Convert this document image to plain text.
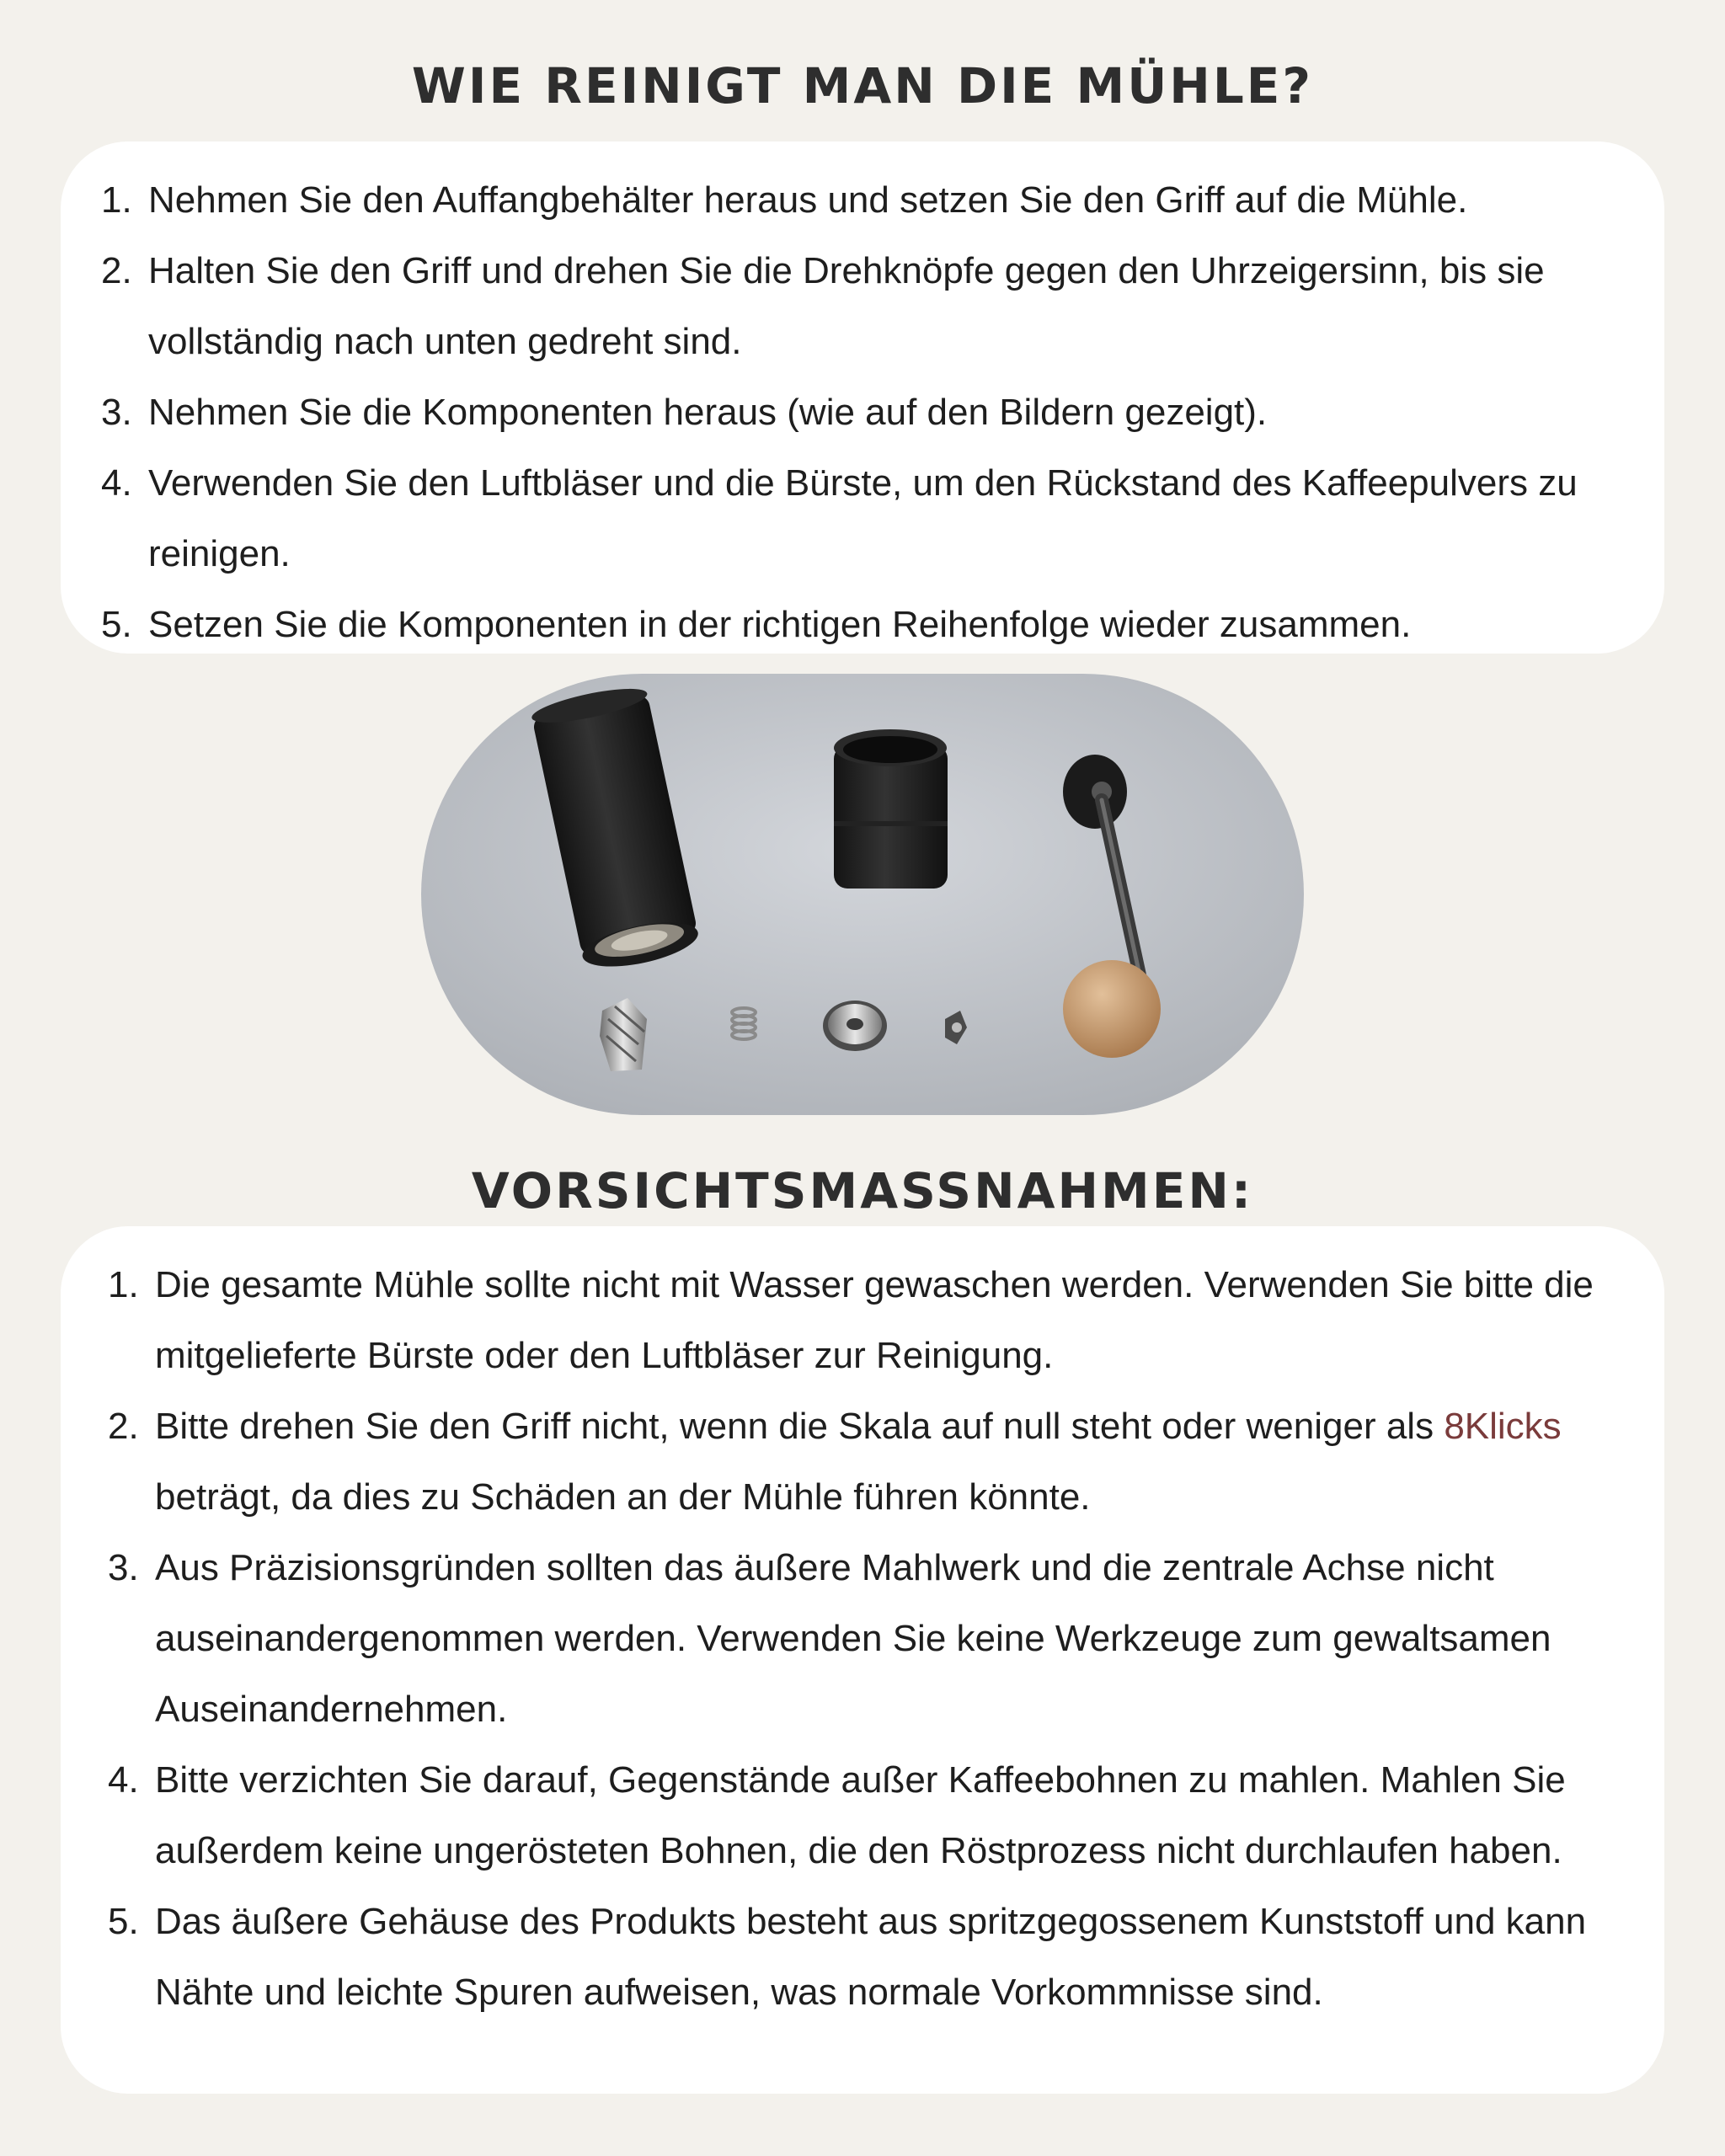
WIE REINIGT MAN DIE MÜHLE?
1. Nehmen Sie den Auffangbehälter heraus und setzen Sie den Griff auf die Mühle.
2. Halten Sie den Griff und drehen Sie die Drehknöpfe gegen den Uhrzeigersinn, bis sie vollständig nach unten gedreht sind.
3. Nehmen Sie die Komponenten heraus (wie auf den Bildern gezeigt).
4. Verwenden Sie den Luftbläser und die Bürste, um den Rückstand des Kaffeepulvers zu reinigen.
5. Setzen Sie die Komponenten in der richtigen Reihenfolge wieder zusammen.
VORSICHTSMASSNAHMEN:
1. Die gesamte Mühle sollte nicht mit Wasser gewaschen werden. Verwenden Sie bitte die mitgelieferte Bürste oder den Luftbläser zur Reinigung.
2. Bitte drehen Sie den Griff nicht, wenn die Skala auf null steht oder weniger als 8Klicks beträgt, da dies zu Schäden an der Mühle führen könnte.
3. Aus Präzisionsgründen sollten das äußere Mahlwerk und die zentrale Achse nicht auseinandergenommen werden. Verwenden Sie keine Werkzeuge zum gewaltsamen Auseinandernehmen.
4. Bitte verzichten Sie darauf, Gegenstände außer Kaffeebohnen zu mahlen. Mahlen Sie außerdem keine ungerösteten Bohnen, die den Röstprozess nicht durchlaufen haben.
5. Das äußere Gehäuse des Produkts besteht aus spritzgegossenem Kunststoff und kann Nähte und leichte Spuren aufweisen, was normale Vorkommnisse sind.
